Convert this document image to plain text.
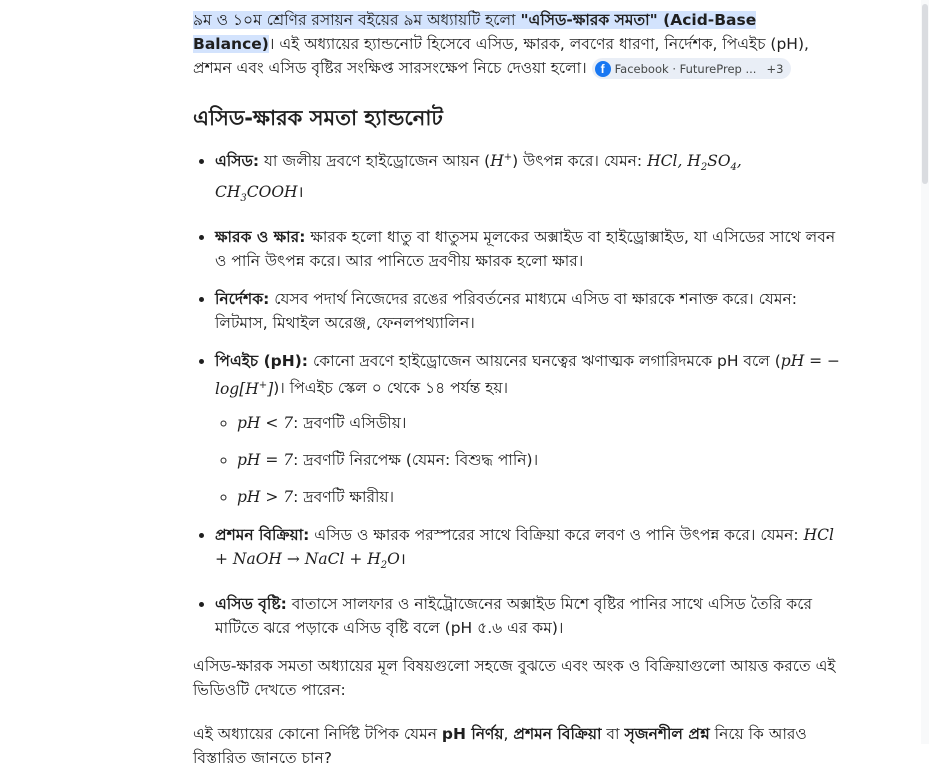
৯ম ও ১০ম শ্রেণির রসায়ন বইয়ের ৯ম অধ্যায়টি হলো "এসিড-ক্ষারক সমতা" (Acid-Base Balance)। এই অধ্যায়ের হ্যান্ডনোট হিসেবে এসিড, ক্ষারক, লবণের ধারণা, নির্দেশক, পিএইচ (pH), প্রশমন এবং এসিড বৃষ্টির সংক্ষিপ্ত সারসংক্ষেপ নিচে দেওয়া হলো।	f Facebook · FuturePrep ... +3

এসিড-ক্ষারক সমতা হ্যান্ডনোট
• এসিড: যা জলীয় দ্রবণে হাইড্রোজেন আয়ন (H+) উৎপন্ন করে। যেমন: HCl, $H_2SO_4$,
$CH_3COOH।$
• ক্ষারক ও ক্ষার: ক্ষারক হলো ধাতু বা ধাতুসম মূলকের অক্সাইড বা হাইড্রোক্সাইড, যা এসিডের সাথে লবন ও পানি উৎপন্ন করে। আর পানিতে দ্রবণীয় ক্ষারক হলো ক্ষার।
• নির্দেশক: যেসব পদার্থ নিজেদের রঙের পরিবর্তনের মাধ্যমে এসিড বা ক্ষারকে শনাক্ত করে। যেমন: লিটমাস, মিথাইল অরেঞ্জ, ফেনলপথ্যালিন।
• পিএইচ (pH): কোনো দ্রবণে হাইড্রোজেন আয়নের ঘনত্বের ঋণাত্মক লগারিদমকে pH বলে (pH = − log[H+])। পিএইচ স্কেল ০ থেকে ১৪ পর্যন্ত হয়।
◦ pH < 7: দ্রবণটি এসিডীয়।
◦ pH = 7: দ্রবণটি নিরপেক্ষ (যেমন: বিশুদ্ধ পানি)।
◦ pH > 7: দ্রবণটি ক্ষারীয়।
• প্রশমন বিক্রিয়া: এসিড ও ক্ষারক পরস্পরের সাথে বিক্রিয়া করে লবণ ও পানি উৎপন্ন করে। যেমন: HCl + NaOH → NaCl + $H_2O।$
• এসিড বৃষ্টি: বাতাসে সালফার ও নাইট্রোজেনের অক্সাইড মিশে বৃষ্টির পানির সাথে এসিড তৈরি করে মাটিতে ঝরে পড়াকে এসিড বৃষ্টি বলে (pH ৫.৬ এর কম)।

এসিড-ক্ষারক সমতা অধ্যায়ের মূল বিষয়গুলো সহজে বুঝতে এবং অংক ও বিক্রিয়াগুলো আয়ত্ত করতে এই ভিডিওটি দেখতে পারেন:

এই অধ্যায়ের কোনো নির্দিষ্ট টপিক যেমন pH নির্ণয়, প্রশমন বিক্রিয়া বা সৃজনশীল প্রশ্ন নিয়ে কি আরও বিস্তারিত জানতে চান?
